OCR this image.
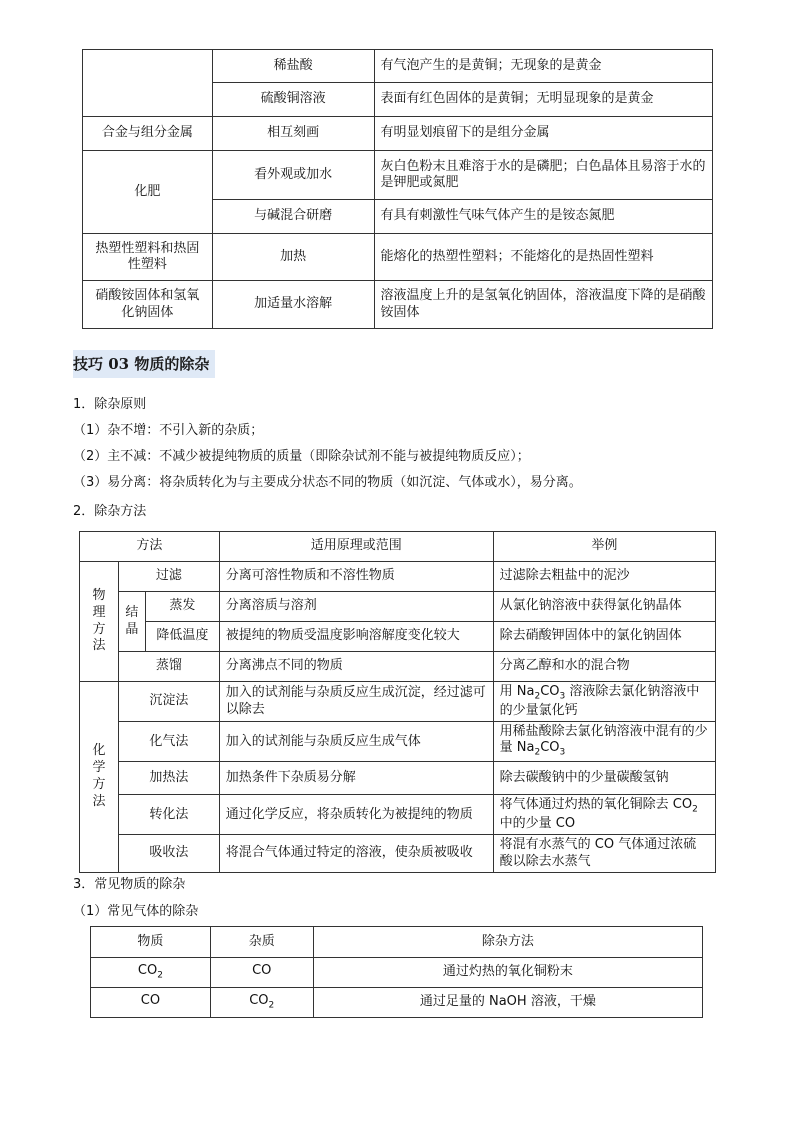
	稀盐酸	有气泡产生的是黄铜；无现象的是黄金
	硫酸铜溶液	表面有红色固体的是黄铜；无明显现象的是黄金
合金与组分金属	相互刻画	有明显划痕留下的是组分金属
化肥	看外观或加水	灰白色粉末且难溶于水的是磷肥；白色晶体且易溶于水的是钾肥或氮肥
	与碱混合研磨	有具有刺激性气味气体产生的是铵态氮肥
热塑性塑料和热固性塑料	加热	能熔化的热塑性塑料；不能熔化的是热固性塑料
硝酸铵固体和氢氧化钠固体	加适量水溶解	溶液温度上升的是氢氧化钠固体，溶液温度下降的是硝酸铵固体
技巧 03 物质的除杂
1．除杂原则
（1）杂不增：不引入新的杂质；
（2）主不减：不减少被提纯物质的质量（即除杂试剂不能与被提纯物质反应）；
（3）易分离：将杂质转化为与主要成分状态不同的物质（如沉淀、气体或水），易分离。
2．除杂方法
方法			适用原理或范围	举例

物理方法	过滤		分离可溶性物质和不溶性物质	过滤除去粗盐中的泥沙

	结晶	蒸发	分离溶质与溶剂	从氯化钠溶液中获得氯化钠晶体
		降低温度	被提纯的物质受温度影响溶解度变化较大	除去硝酸钾固体中的氯化钠固体
	蒸馏		分离沸点不同的物质	分离乙醇和水的混合物

化学方法	沉淀法		加入的试剂能与杂质反应生成沉淀，经过滤可以除去	用 $Na_2CO_3$ 溶液除去氯化钠溶液中的少量氯化钙
	化气法		加入的试剂能与杂质反应生成气体	用稀盐酸除去氯化钠溶液中混有的少量 $Na_2CO_3$
	加热法		加热条件下杂质易分解	除去碳酸钠中的少量碳酸氢钠
	转化法		通过化学反应，将杂质转化为被提纯的物质	将气体通过灼热的氧化铜除去 $CO_2$ 中的少量 CO
	吸收法		将混合气体通过特定的溶液，使杂质被吸收	将混有水蒸气的 CO 气体通过浓硫酸以除去水蒸气
3．常见物质的除杂
（1）常见气体的除杂
物质	杂质	除杂方法
$CO_2$	CO	通过灼热的氧化铜粉末
CO	$CO_2$	通过足量的 NaOH 溶液，干燥
